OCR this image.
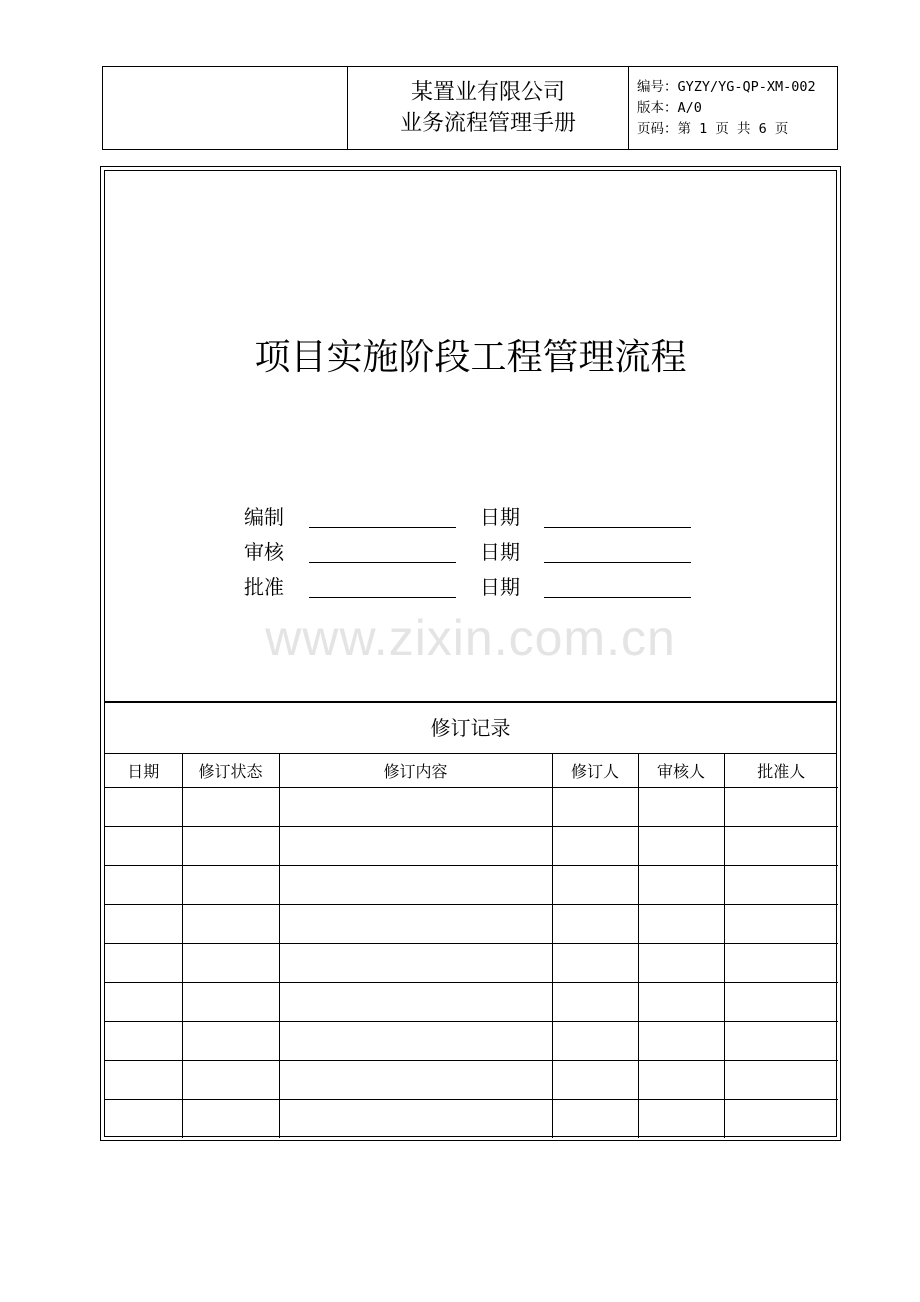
某置业有限公司
业务流程管理手册
编号：GYZY/YG-QP-XM-002
版本：A/0
页码：第 1 页 共 6 页
项目实施阶段工程管理流程
编制	日期
审核	日期
批准	日期
www.zixin.com.cn
修订记录
日期	修订状态	修订内容	修订人	审核人	批准人
